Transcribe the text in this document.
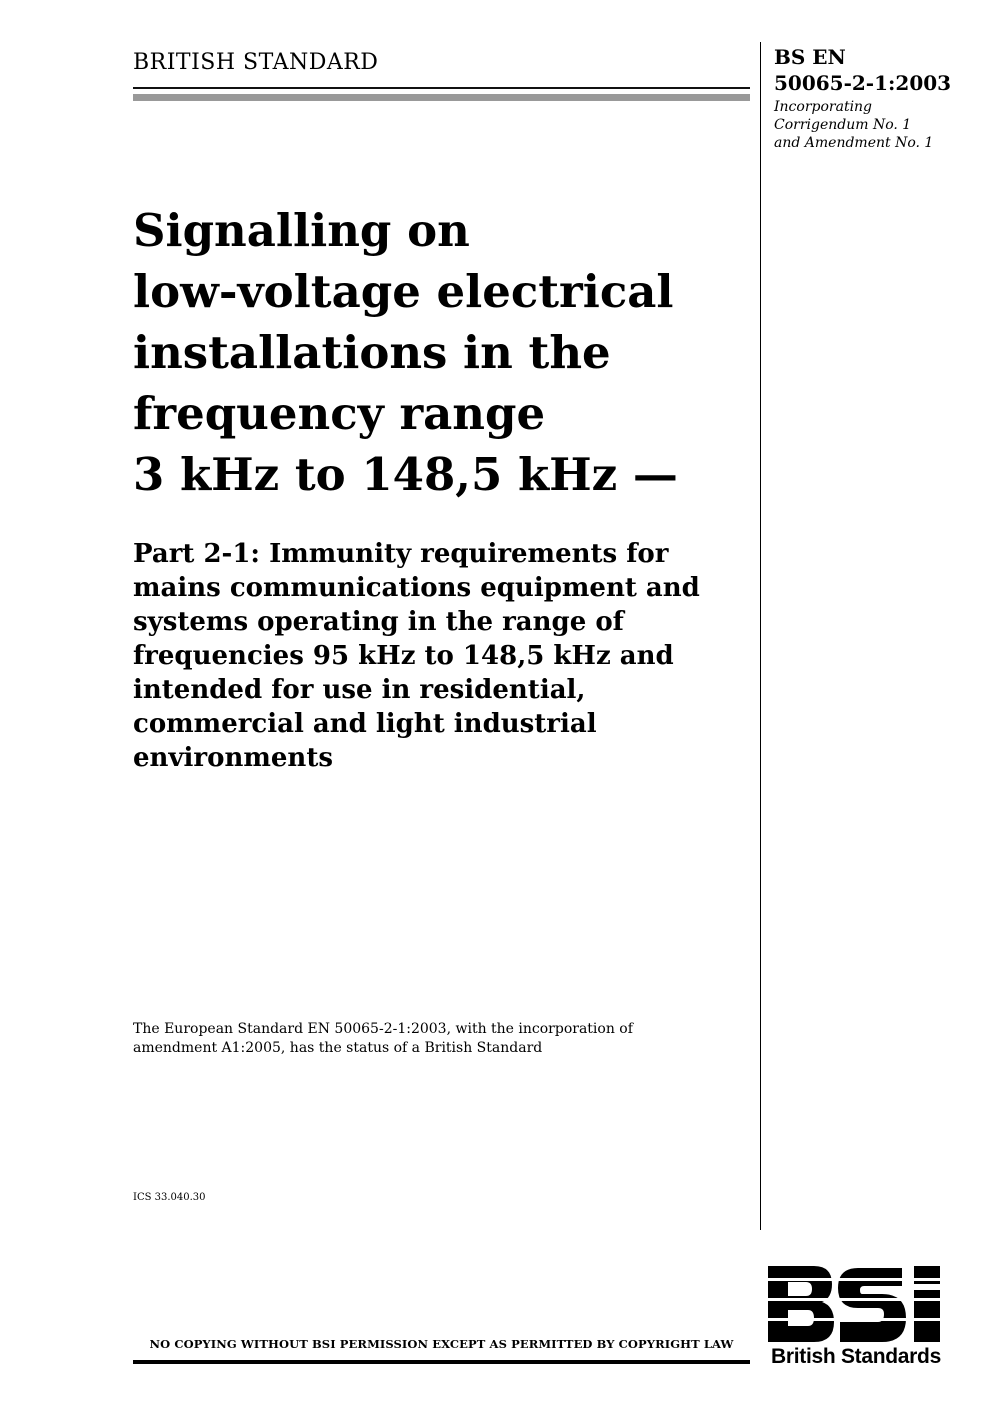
BRITISH STANDARD	BS EN
50065-2-1:2003
Incorporating
Corrigendum No. 1
and Amendment No. 1
Signalling on
low-voltage electrical
installations in the
frequency range
3 kHz to 148,5 kHz —
Part 2-1: Immunity requirements for
mains communications equipment and
systems operating in the range of
frequencies 95 kHz to 148,5 kHz and
intended for use in residential,
commercial and light industrial
environments
The European Standard EN 50065-2-1:2003, with the incorporation of
amendment A1:2005, has the status of a British Standard
ICS 33.040.30
NO COPYING WITHOUT BSI PERMISSION EXCEPT AS PERMITTED BY COPYRIGHT LAW
British Standards
